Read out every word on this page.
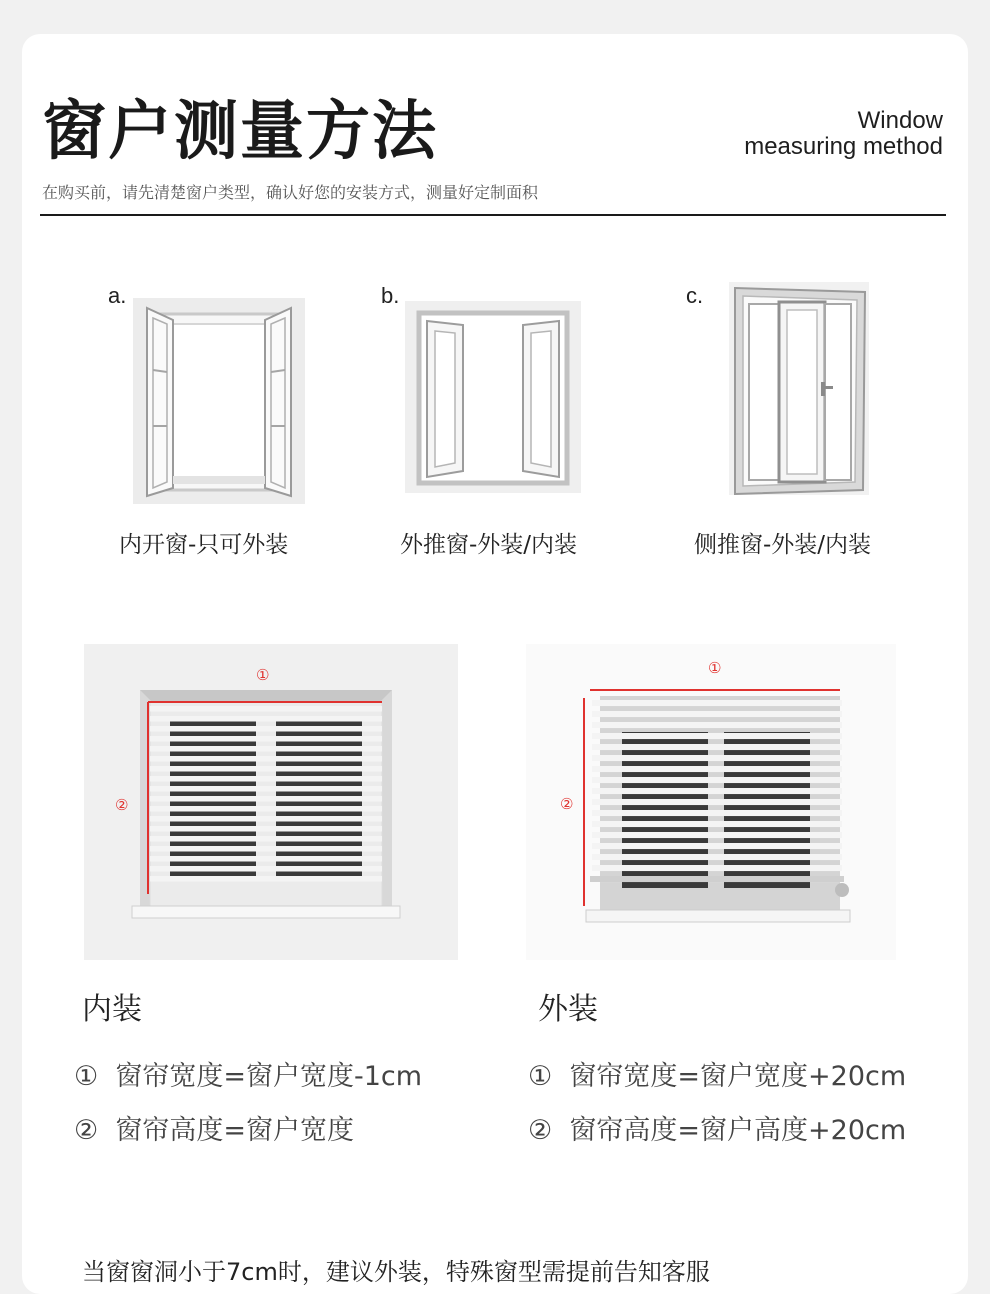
窗户测量方法	Window
measuring method
在购买前，请先清楚窗户类型，确认好您的安装方式，测量好定制面积
a.
内开窗-只可外装
b.
外推窗-外装/内装
c.
侧推窗-外装/内装
①
②
①
②
内装	外装
① 窗帘宽度=窗户宽度-1cm
② 窗帘高度=窗户宽度
① 窗帘宽度=窗户宽度+20cm
② 窗帘高度=窗户高度+20cm
当窗窗洞小于7cm时，建议外装，特殊窗型需提前告知客服
